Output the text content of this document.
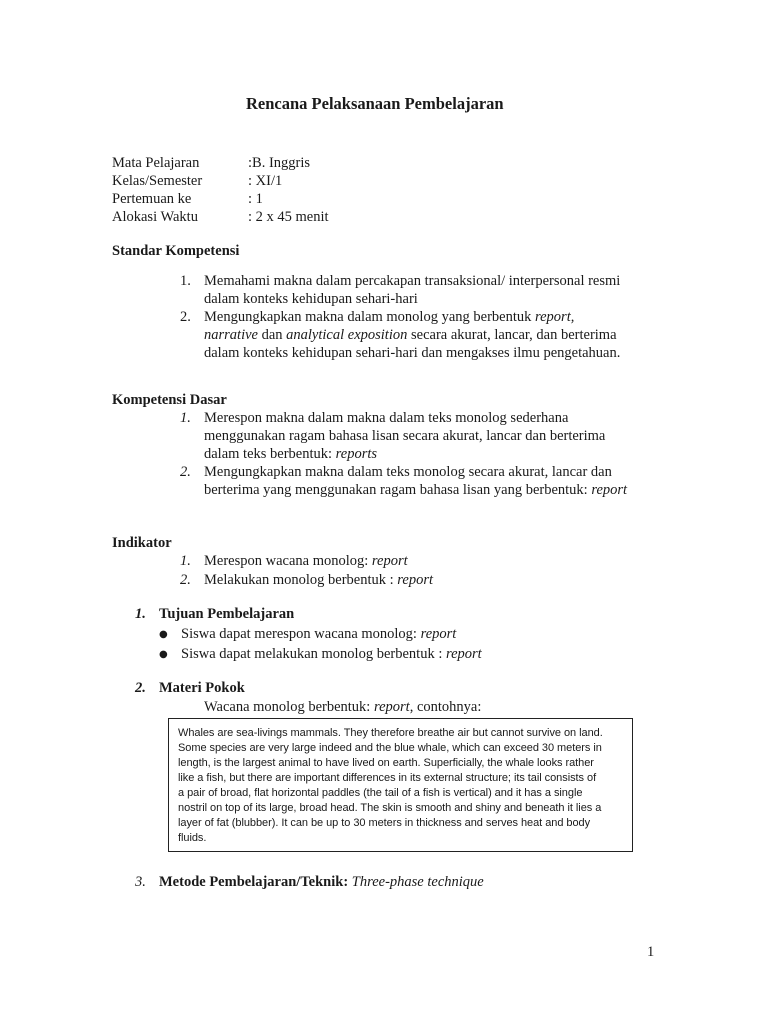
Rencana Pelaksanaan Pembelajaran
Mata Pelajaran	:B. Inggris
Kelas/Semester	: XI/1
Pertemuan ke	: 1
Alokasi Waktu	: 2 x 45 menit
Standar Kompetensi
1. Memahami makna dalam percakapan transaksional/ interpersonal resmi
dalam konteks kehidupan sehari-hari
2. Mengungkapkan makna dalam monolog yang berbentuk report,
narrative dan analytical exposition secara akurat, lancar, dan berterima
dalam konteks kehidupan sehari-hari dan mengakses ilmu pengetahuan.
Kompetensi Dasar
1. Merespon makna dalam makna dalam teks monolog sederhana
menggunakan ragam bahasa lisan secara akurat, lancar dan berterima
dalam teks berbentuk: reports
2. Mengungkapkan makna dalam teks monolog secara akurat, lancar dan
berterima yang menggunakan ragam bahasa lisan yang berbentuk: report
Indikator
1. Merespon wacana monolog: report
2. Melakukan monolog berbentuk : report
1. Tujuan Pembelajaran
● Siswa dapat merespon wacana monolog: report
● Siswa dapat melakukan monolog berbentuk : report
2. Materi Pokok
Wacana monolog berbentuk: report, contohnya:
Whales are sea-livings mammals. They therefore breathe air but cannot survive on land.
Some species are very large indeed and the blue whale, which can exceed 30 meters in
length, is the largest animal to have lived on earth. Superficially, the whale looks rather
like a fish, but there are important differences in its external structure; its tail consists of
a pair of broad, flat horizontal paddles (the tail of a fish is vertical) and it has a single
nostril on top of its large, broad head. The skin is smooth and shiny and beneath it lies a
layer of fat (blubber). It can be up to 30 meters in thickness and serves heat and body
fluids.
3. Metode Pembelajaran/Teknik: Three-phase technique
1
